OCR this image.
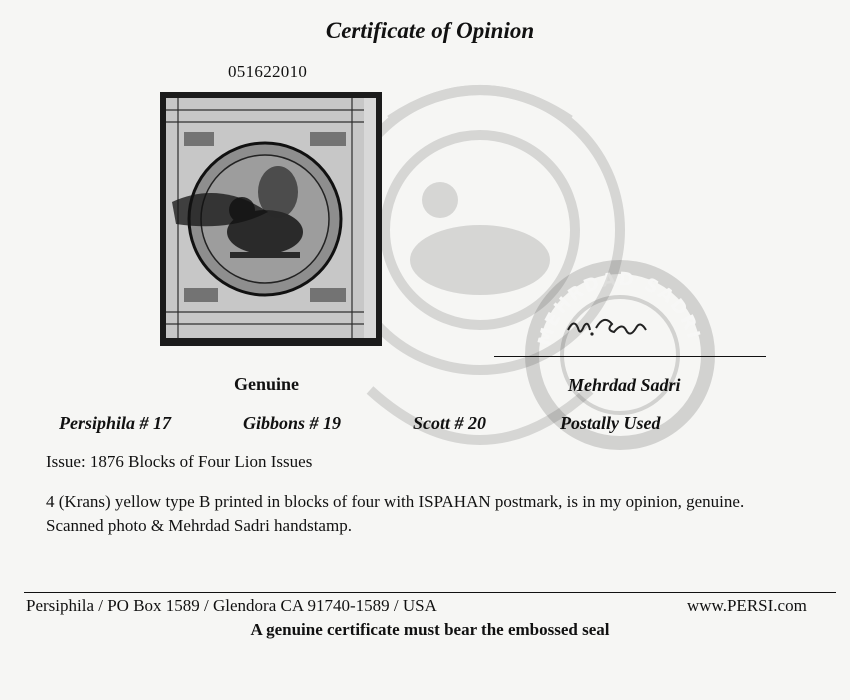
MEHRDAD SADRI
Certificate of Opinion
051622010
Genuine	Mehrdad Sadri
Persiphila # 17	Gibbons # 19	Scott # 20	Postally Used
Issue: 1876 Blocks of Four Lion Issues
4 (Krans) yellow type B printed in blocks of four with ISPAHAN postmark, is in my opinion, genuine. Scanned photo & Mehrdad Sadri handstamp.
Persiphila / PO Box 1589 / Glendora CA 91740-1589 / USA	www.PERSI.com
A genuine certificate must bear the embossed seal
